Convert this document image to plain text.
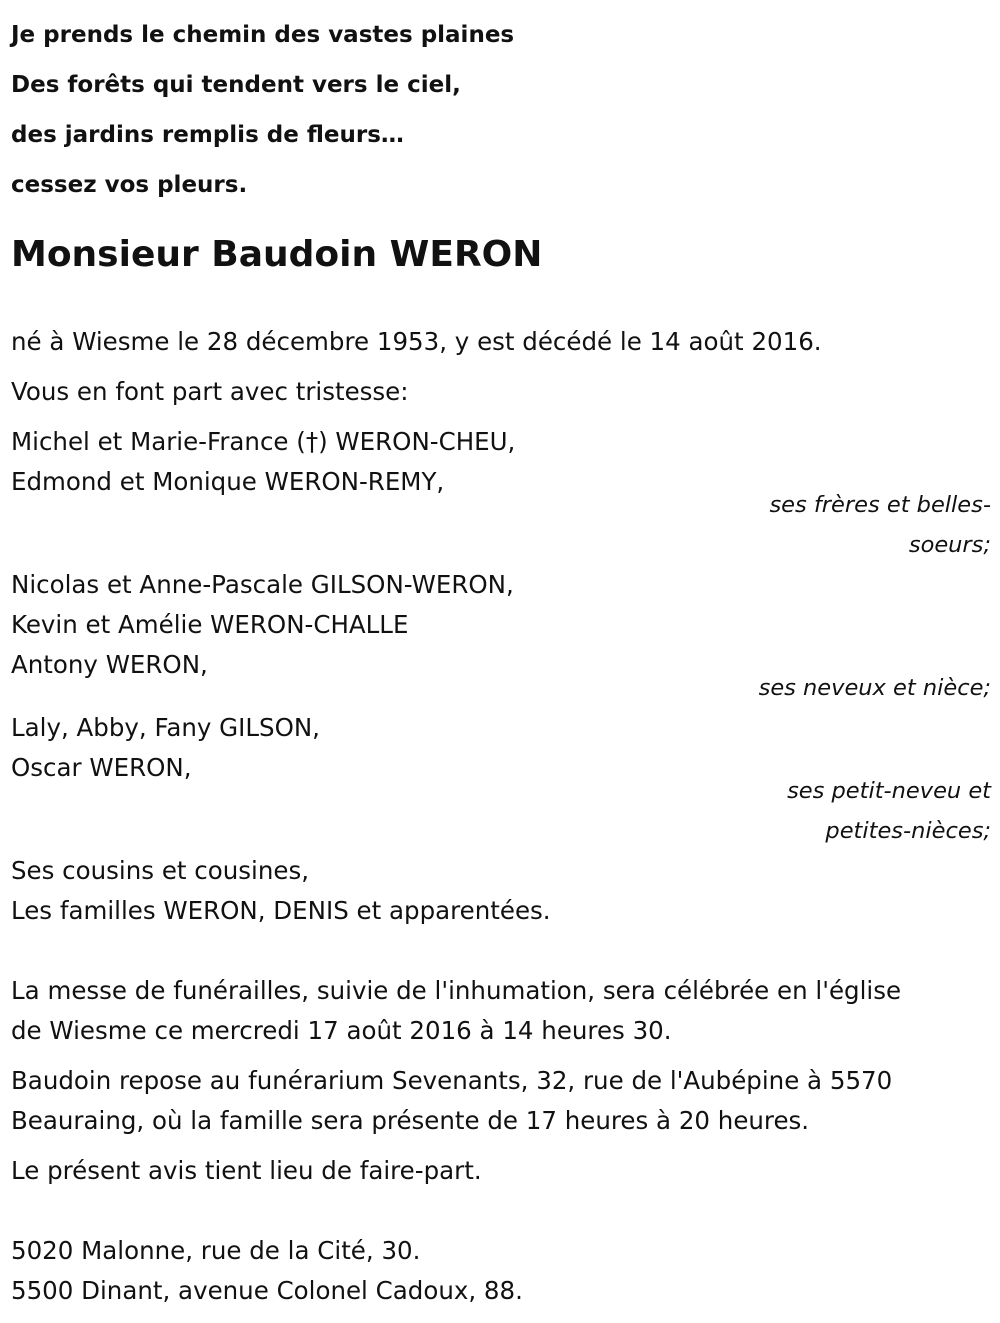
Je prends le chemin des vastes plaines
Des forêts qui tendent vers le ciel,
des jardins remplis de fleurs…
cessez vos pleurs.
Monsieur Baudoin WERON
né à Wiesme le 28 décembre 1953, y est décédé le 14 août 2016.
Vous en font part avec tristesse:
Michel et Marie-France (†) WERON-CHEU,
Edmond et Monique WERON-REMY,
ses frères et belles-
soeurs;
Nicolas et Anne-Pascale GILSON-WERON,
Kevin et Amélie WERON-CHALLE
Antony WERON,
ses neveux et nièce;
Laly, Abby, Fany GILSON,
Oscar WERON,
ses petit-neveu et
petites-nièces;
Ses cousins et cousines,
Les familles WERON, DENIS et apparentées.
La messe de funérailles, suivie de l'inhumation, sera célébrée en l'église
de Wiesme ce mercredi 17 août 2016 à 14 heures 30.
Baudoin repose au funérarium Sevenants, 32, rue de l'Aubépine à 5570
Beauraing, où la famille sera présente de 17 heures à 20 heures.
Le présent avis tient lieu de faire-part.
5020 Malonne, rue de la Cité, 30.
5500 Dinant, avenue Colonel Cadoux, 88.
